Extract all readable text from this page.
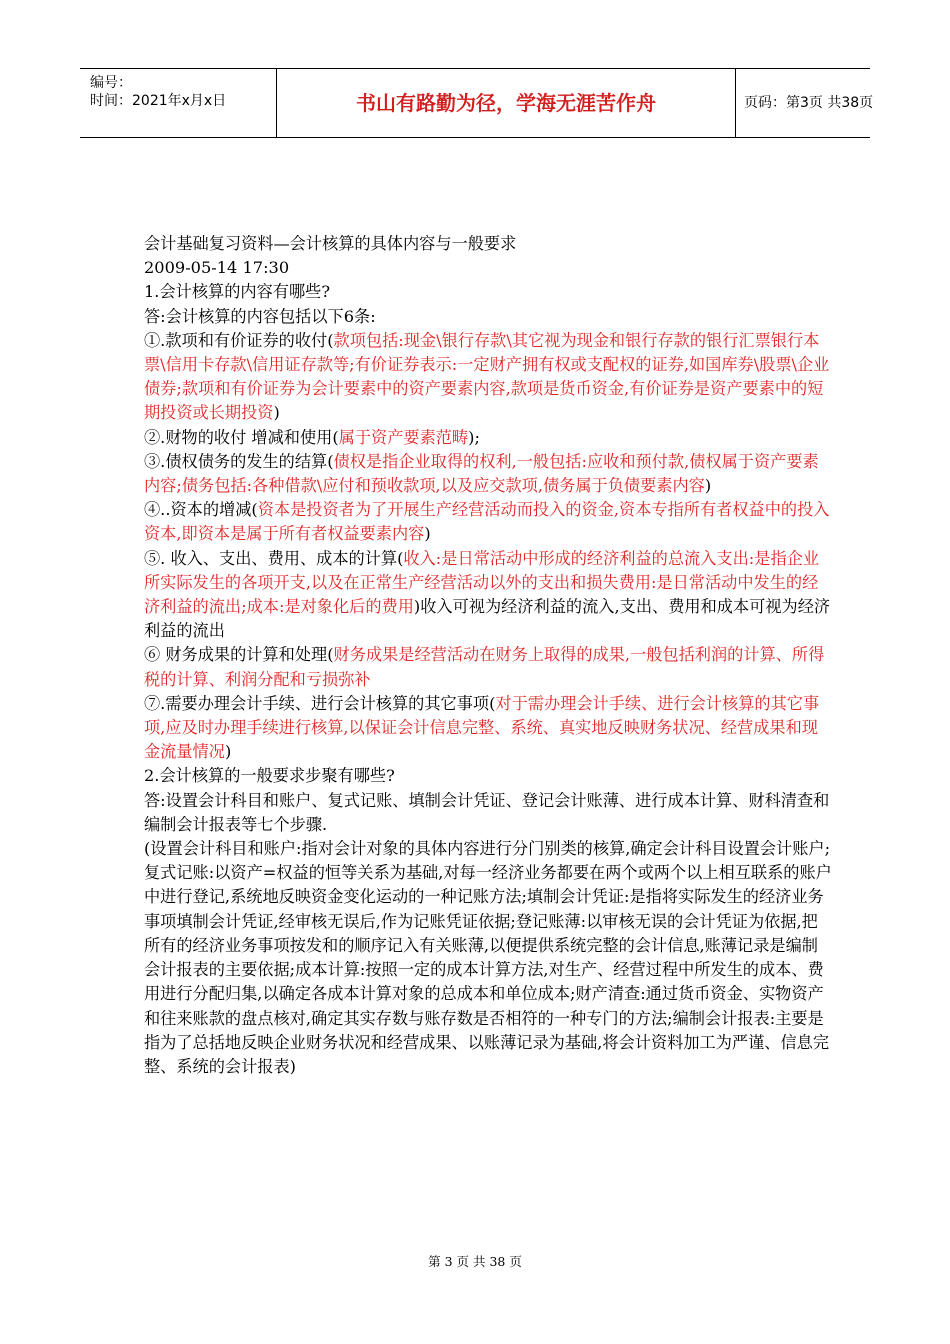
编号：
时间：2021年x月x日	书山有路勤为径，学海无涯苦作舟	页码：第3页 共38页

会计基础复习资料—会计核算的具体内容与一般要求

2009-05-14 17:30

1.会计核算的内容有哪些?

答:会计核算的内容包括以下6条:

①.款项和有价证券的收付(款项包括:现金\银行存款\其它视为现金和银行存款的银行汇票银行本票\信用卡存款\信用证存款等;有价证券表示:一定财产拥有权或支配权的证券,如国库券\股票\企业债券;款项和有价证券为会计要素中的资产要素内容,款项是货币资金,有价证券是资产要素中的短期投资或长期投资)

②.财物的收付 增减和使用(属于资产要素范畴);

③.债权债务的发生的结算(债权是指企业取得的权利,一般包括:应收和预付款,债权属于资产要素内容;债务包括:各种借款\应付和预收款项,以及应交款项,债务属于负债要素内容)

④..资本的增减(资本是投资者为了开展生产经营活动而投入的资金,资本专指所有者权益中的投入资本,即资本是属于所有者权益要素内容)

⑤. 收入、支出、费用、成本的计算(收入:是日常活动中形成的经济利益的总流入支出:是指企业所实际发生的各项开支,以及在正常生产经营活动以外的支出和损失费用:是日常活动中发生的经济利益的流出;成本:是对象化后的费用)收入可视为经济利益的流入,支出、费用和成本可视为经济利益的流出

⑥ 财务成果的计算和处理(财务成果是经营活动在财务上取得的成果,一般包括利润的计算、所得税的计算、利润分配和亏损弥补

⑦.需要办理会计手续、进行会计核算的其它事项(对于需办理会计手续、进行会计核算的其它事项,应及时办理手续进行核算,以保证会计信息完整、系统、真实地反映财务状况、经营成果和现金流量情况)

2.会计核算的一般要求步聚有哪些?

答:设置会计科目和账户、复式记账、填制会计凭证、登记会计账薄、进行成本计算、财科清查和编制会计报表等七个步骤.

(设置会计科目和账户:指对会计对象的具体内容进行分门别类的核算,确定会计科目设置会计账户;复式记账:以资产=权益的恒等关系为基础,对每一经济业务都要在两个或两个以上相互联系的账户中进行登记,系统地反映资金变化运动的一种记账方法;填制会计凭证:是指将实际发生的经济业务事项填制会计凭证,经审核无误后,作为记账凭证依据;登记账薄:以审核无误的会计凭证为依据,把所有的经济业务事项按发和的顺序记入有关账薄,以便提供系统完整的会计信息,账薄记录是编制会计报表的主要依据;成本计算:按照一定的成本计算方法,对生产、经营过程中所发生的成本、费用进行分配归集,以确定各成本计算对象的总成本和单位成本;财产清查:通过货币资金、实物资产和往来账款的盘点核对,确定其实存数与账存数是否相符的一种专门的方法;编制会计报表:主要是指为了总括地反映企业财务状况和经营成果、以账薄记录为基础,将会计资料加工为严谨、信息完整、系统的会计报表)

第 3 页 共 38 页
